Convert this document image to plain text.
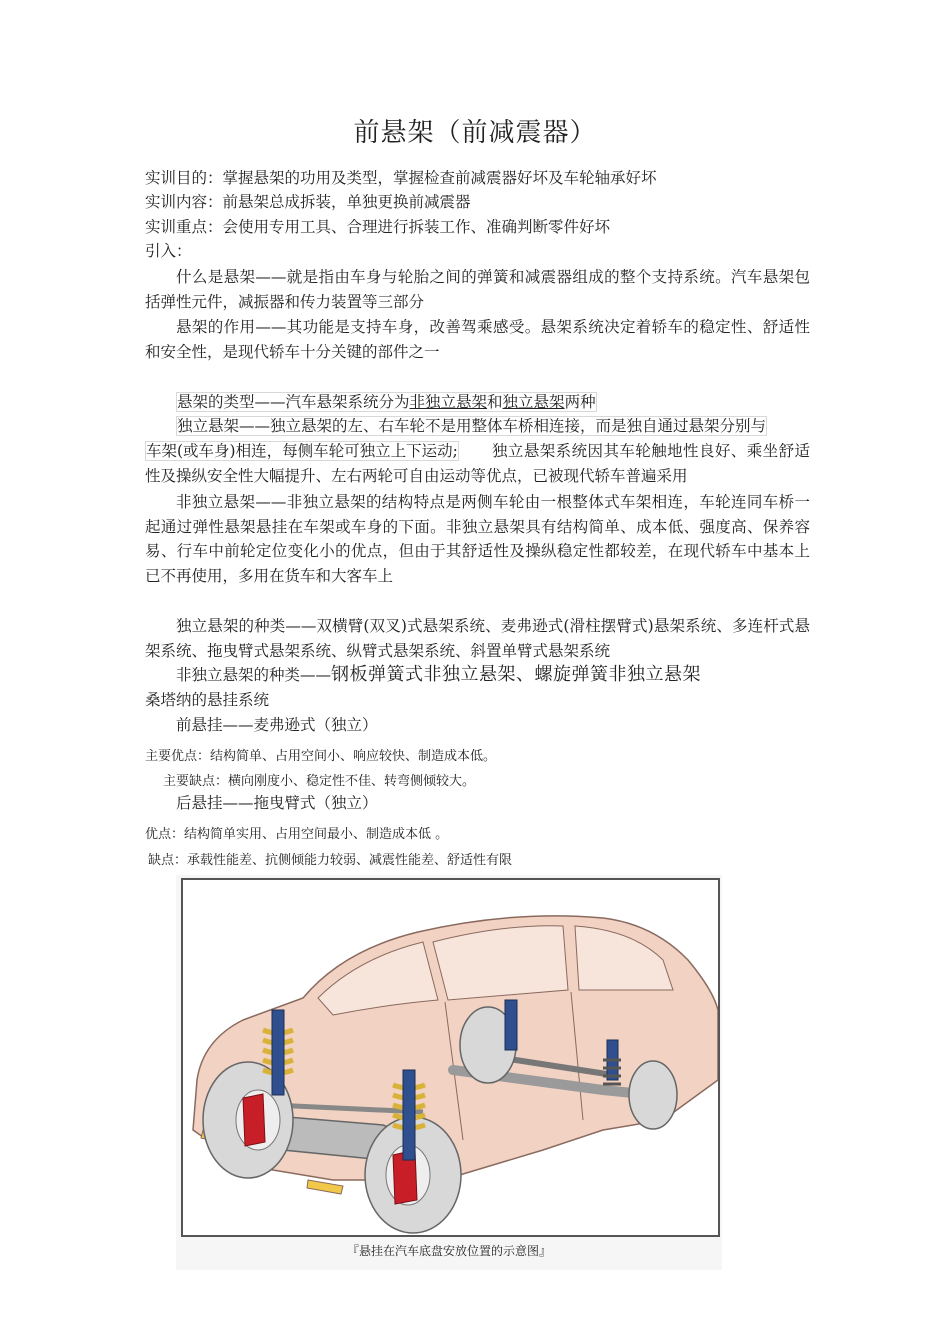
前悬架（前减震器）
实训目的：掌握悬架的功用及类型，掌握检查前减震器好坏及车轮轴承好坏
实训内容：前悬架总成拆装，单独更换前减震器
实训重点：会使用专用工具、合理进行拆装工作、准确判断零件好坏
引入：
什么是悬架——就是指由车身与轮胎之间的弹簧和减震器组成的整个支持系统。汽车悬架包括弹性元件，减振器和传力装置等三部分
悬架的作用——其功能是支持车身，改善驾乘感受。悬架系统决定着轿车的稳定性、舒适性和安全性，是现代轿车十分关键的部件之一
悬架的类型——汽车悬架系统分为非独立悬架和独立悬架两种
独立悬架——独立悬架的左、右车轮不是用整体车桥相连接，而是独自通过悬架分别与
车架(或车身)相连，每侧车轮可独立上下运动;	独立悬架系统因其车轮触地性良好、乘坐舒适性及操纵安全性大幅提升、左右两轮可自由运动等优点，已被现代轿车普遍采用
非独立悬架——非独立悬架的结构特点是两侧车轮由一根整体式车架相连，车轮连同车桥一起通过弹性悬架悬挂在车架或车身的下面。非独立悬架具有结构简单、成本低、强度高、保养容易、行车中前轮定位变化小的优点，但由于其舒适性及操纵稳定性都较差，在现代轿车中基本上已不再使用，多用在货车和大客车上
独立悬架的种类——双横臂(双叉)式悬架系统、麦弗逊式(滑柱摆臂式)悬架系统、多连杆式悬架系统、拖曳臂式悬架系统、纵臂式悬架系统、斜置单臂式悬架系统
非独立悬架的种类——钢板弹簧式非独立悬架、螺旋弹簧非独立悬架
桑塔纳的悬挂系统
前悬挂——麦弗逊式（独立）
主要优点：结构简单、占用空间小、响应较快、制造成本低。
主要缺点：横向刚度小、稳定性不佳、转弯侧倾较大。
后悬挂——拖曳臂式（独立）
优点：结构简单实用、占用空间最小、制造成本低 。
缺点：承载性能差、抗侧倾能力较弱、减震性能差、舒适性有限
『悬挂在汽车底盘安放位置的示意图』
